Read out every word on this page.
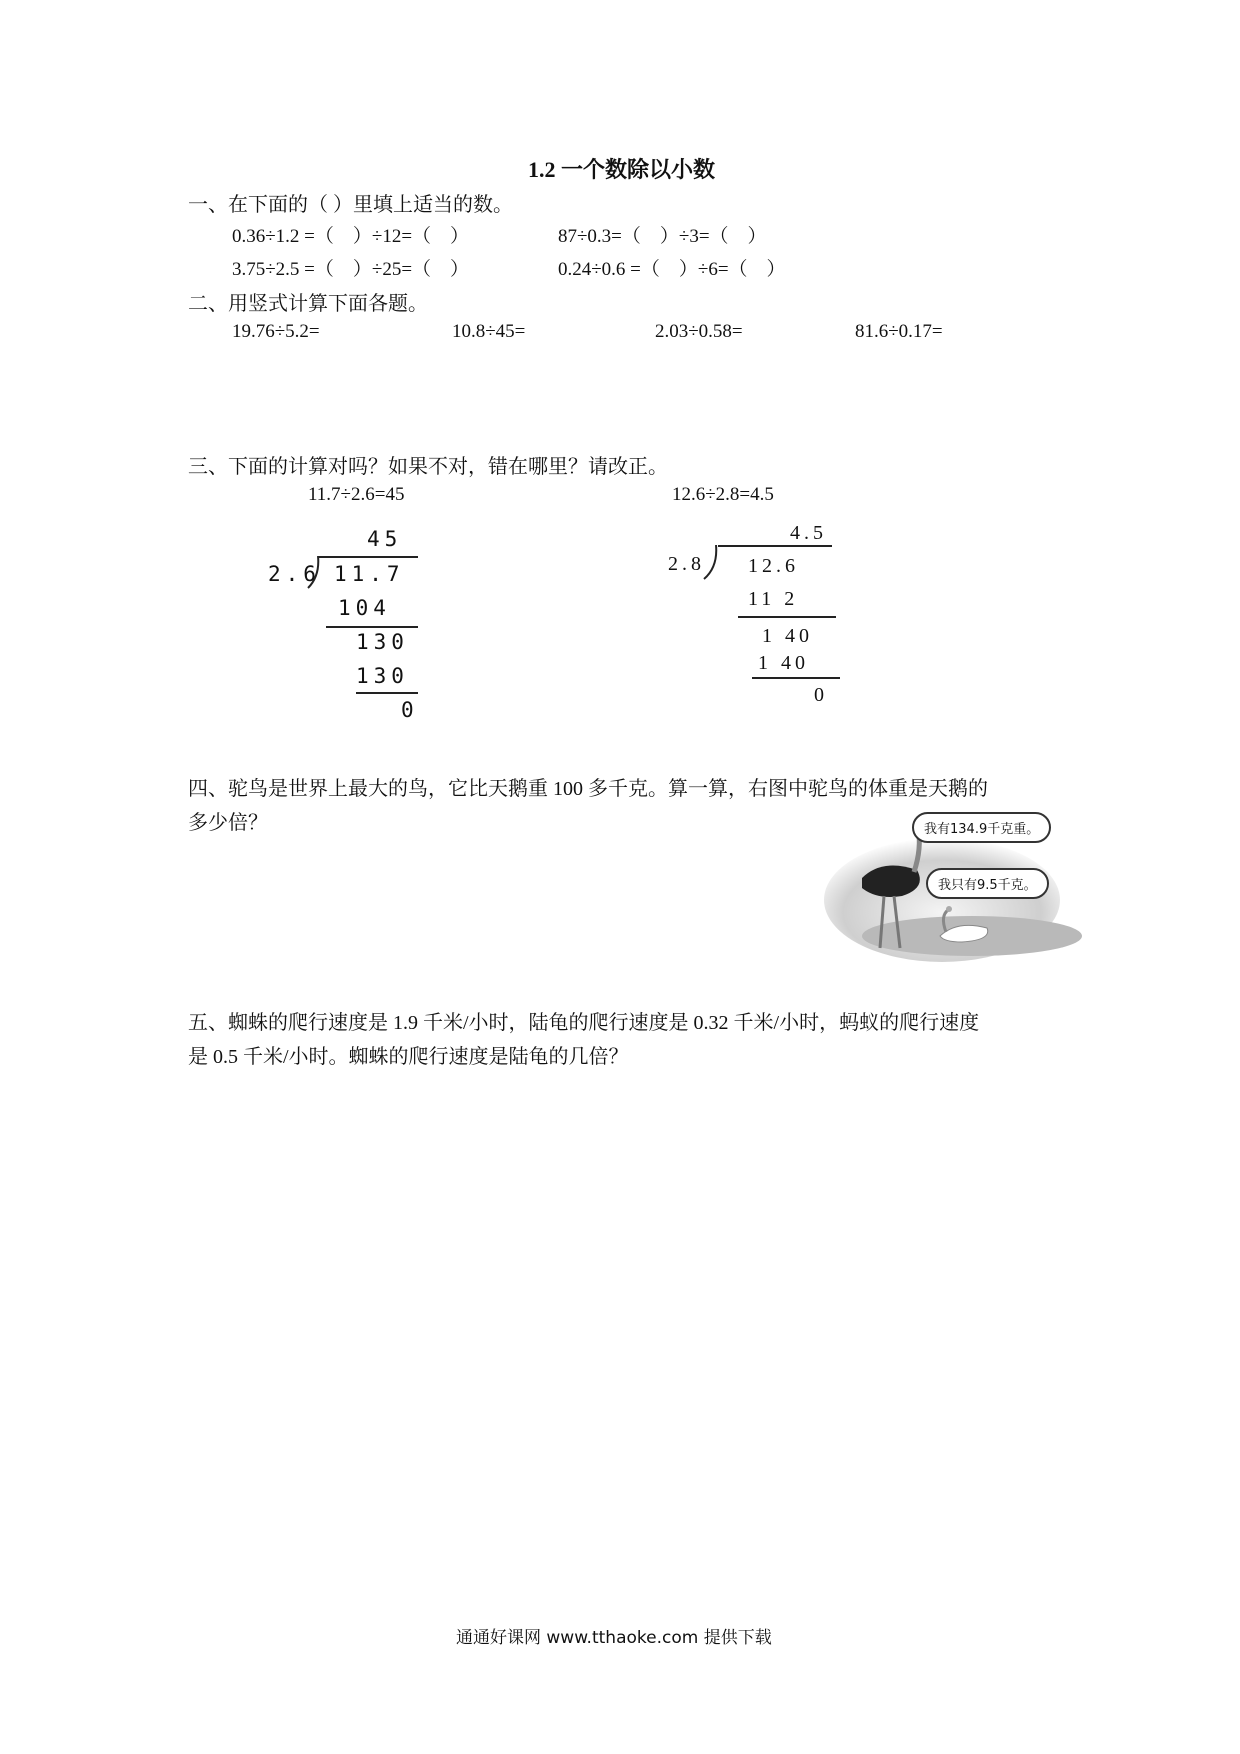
1.2 一个数除以小数
一、在下面的（ ）里填上适当的数。
0.36÷1.2 =（　）÷12=（　）	87÷0.3=（　）÷3=（　）
3.75÷2.5 =（　）÷25=（　）	0.24÷0.6 =（　）÷6=（　）
二、用竖式计算下面各题。
19.76÷5.2=	10.8÷45=	2.03÷0.58=	81.6÷0.17=
三、下面的计算对吗？如果不对，错在哪里？请改正。
11.7÷2.6=45	12.6÷2.8=4.5
45
2.6 11.7
104
130
130
0
4.5
2.8 12.6
11 2
1 40
1 40
0
四、驼鸟是世界上最大的鸟，它比天鹅重 100 多千克。算一算，右图中驼鸟的体重是天鹅的
多少倍？	我有134.9千克重。
我只有9.5千克。
五、蜘蛛的爬行速度是 1.9 千米/小时，陆龟的爬行速度是 0.32 千米/小时，蚂蚁的爬行速度
是 0.5 千米/小时。蜘蛛的爬行速度是陆龟的几倍？
通通好课网 www.tthaoke.com 提供下载
